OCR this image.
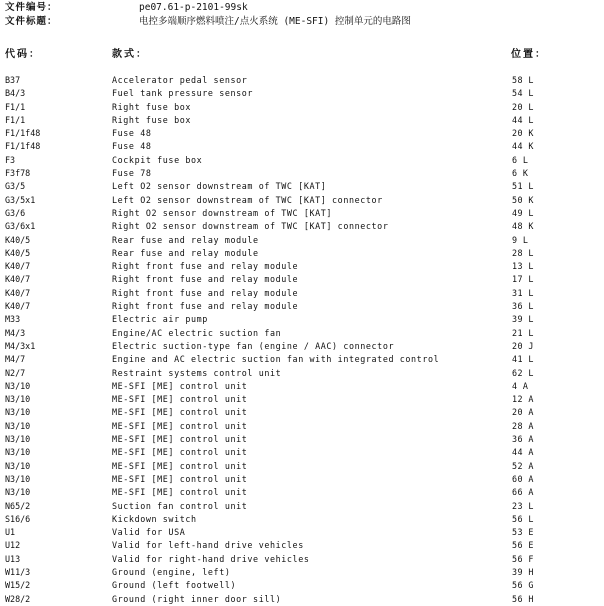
文件编号：	pe07.61-p-2101-99sk
文件标题：	电控多端顺序燃料喷注/点火系统 (ME-SFI) 控制单元的电路图
代码：	款式：	位置：
B37	Accelerator pedal sensor	58 L
B4/3	Fuel tank pressure sensor	54 L
F1/1	Right fuse box	20 L
F1/1	Right fuse box	44 L
F1/1f48	Fuse 48	20 K
F1/1f48	Fuse 48	44 K
F3	Cockpit fuse box	6 L
F3f78	Fuse 78	6 K
G3/5	Left O2 sensor downstream of TWC [KAT]	51 L
G3/5x1	Left O2 sensor downstream of TWC [KAT] connector	50 K
G3/6	Right O2 sensor downstream of TWC [KAT]	49 L
G3/6x1	Right O2 sensor downstream of TWC [KAT] connector	48 K
K40/5	Rear fuse and relay module	9 L
K40/5	Rear fuse and relay module	28 L
K40/7	Right front fuse and relay module	13 L
K40/7	Right front fuse and relay module	17 L
K40/7	Right front fuse and relay module	31 L
K40/7	Right front fuse and relay module	36 L
M33	Electric air pump	39 L
M4/3	Engine/AC electric suction fan	21 L
M4/3x1	Electric suction-type fan (engine / AAC) connector	20 J
M4/7	Engine and AC electric suction fan with integrated control	41 L
N2/7	Restraint systems control unit	62 L
N3/10	ME-SFI [ME] control unit	4 A
N3/10	ME-SFI [ME] control unit	12 A
N3/10	ME-SFI [ME] control unit	20 A
N3/10	ME-SFI [ME] control unit	28 A
N3/10	ME-SFI [ME] control unit	36 A
N3/10	ME-SFI [ME] control unit	44 A
N3/10	ME-SFI [ME] control unit	52 A
N3/10	ME-SFI [ME] control unit	60 A
N3/10	ME-SFI [ME] control unit	66 A
N65/2	Suction fan control unit	23 L
S16/6	Kickdown switch	56 L
U1	Valid for USA	53 E
U12	Valid for left-hand drive vehicles	56 E
U13	Valid for right-hand drive vehicles	56 F
W11/3	Ground (engine, left)	39 H
W15/2	Ground (left footwell)	56 G
W28/2	Ground (right inner door sill)	56 H
